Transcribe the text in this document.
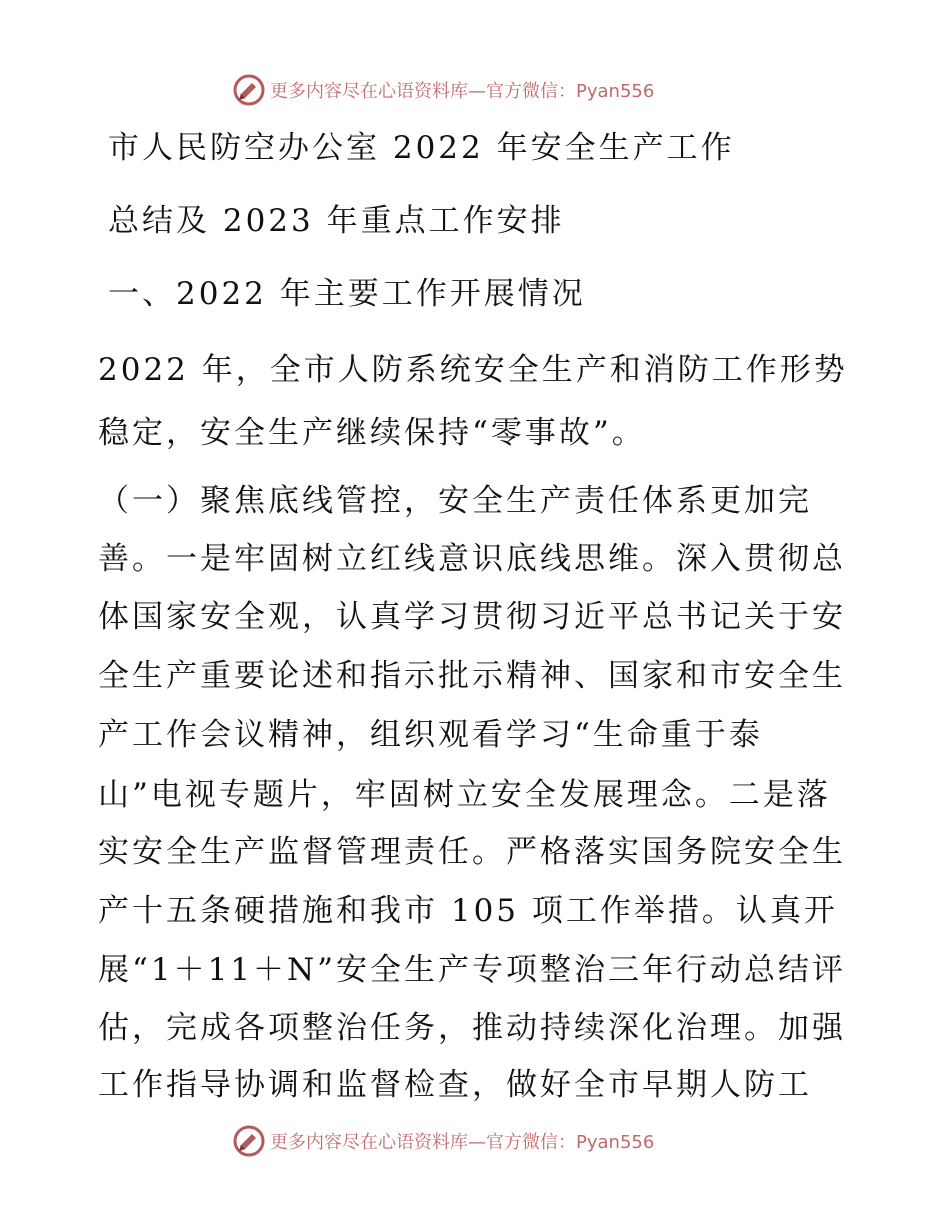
更多内容尽在心语资料库—官方微信：Pyan556
市人民防空办公室 2022 年安全生产工作
总结及 2023 年重点工作安排
一、2022 年主要工作开展情况
2022 年，全市人防系统安全生产和消防工作形势
稳定，安全生产继续保持“零事故”。
（一）聚焦底线管控，安全生产责任体系更加完
善。一是牢固树立红线意识底线思维。深入贯彻总
体国家安全观，认真学习贯彻习近平总书记关于安
全生产重要论述和指示批示精神、国家和市安全生
产工作会议精神，组织观看学习“生命重于泰
山”电视专题片，牢固树立安全发展理念。二是落
实安全生产监督管理责任。严格落实国务院安全生
产十五条硬措施和我市 105 项工作举措。认真开
展“1＋11＋N”安全生产专项整治三年行动总结评
估，完成各项整治任务，推动持续深化治理。加强
工作指导协调和监督检查，做好全市早期人防工
更多内容尽在心语资料库—官方微信：Pyan556
